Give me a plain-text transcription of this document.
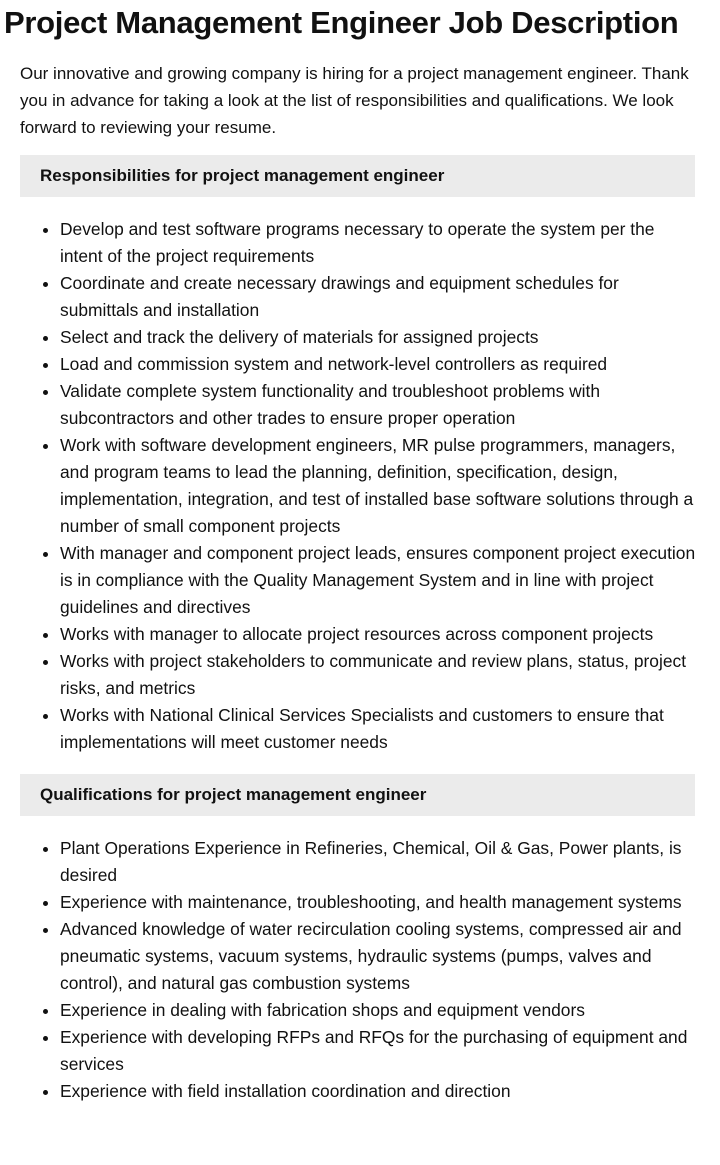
Project Management Engineer Job Description

Our innovative and growing company is hiring for a project management engineer. Thank you in advance for taking a look at the list of responsibilities and qualifications. We look forward to reviewing your resume.

Responsibilities for project management engineer
• Develop and test software programs necessary to operate the system per the intent of the project requirements
• Coordinate and create necessary drawings and equipment schedules for submittals and installation
• Select and track the delivery of materials for assigned projects
• Load and commission system and network-level controllers as required
• Validate complete system functionality and troubleshoot problems with subcontractors and other trades to ensure proper operation
• Work with software development engineers, MR pulse programmers, managers, and program teams to lead the planning, definition, specification, design, implementation, integration, and test of installed base software solutions through a number of small component projects
• With manager and component project leads, ensures component project execution is in compliance with the Quality Management System and in line with project guidelines and directives
• Works with manager to allocate project resources across component projects
• Works with project stakeholders to communicate and review plans, status, project risks, and metrics
• Works with National Clinical Services Specialists and customers to ensure that implementations will meet customer needs
Qualifications for project management engineer
• Plant Operations Experience in Refineries, Chemical, Oil & Gas, Power plants, is desired
• Experience with maintenance, troubleshooting, and health management systems
• Advanced knowledge of water recirculation cooling systems, compressed air and pneumatic systems, vacuum systems, hydraulic systems (pumps, valves and control), and natural gas combustion systems
• Experience in dealing with fabrication shops and equipment vendors
• Experience with developing RFPs and RFQs for the purchasing of equipment and services
• Experience with field installation coordination and direction
